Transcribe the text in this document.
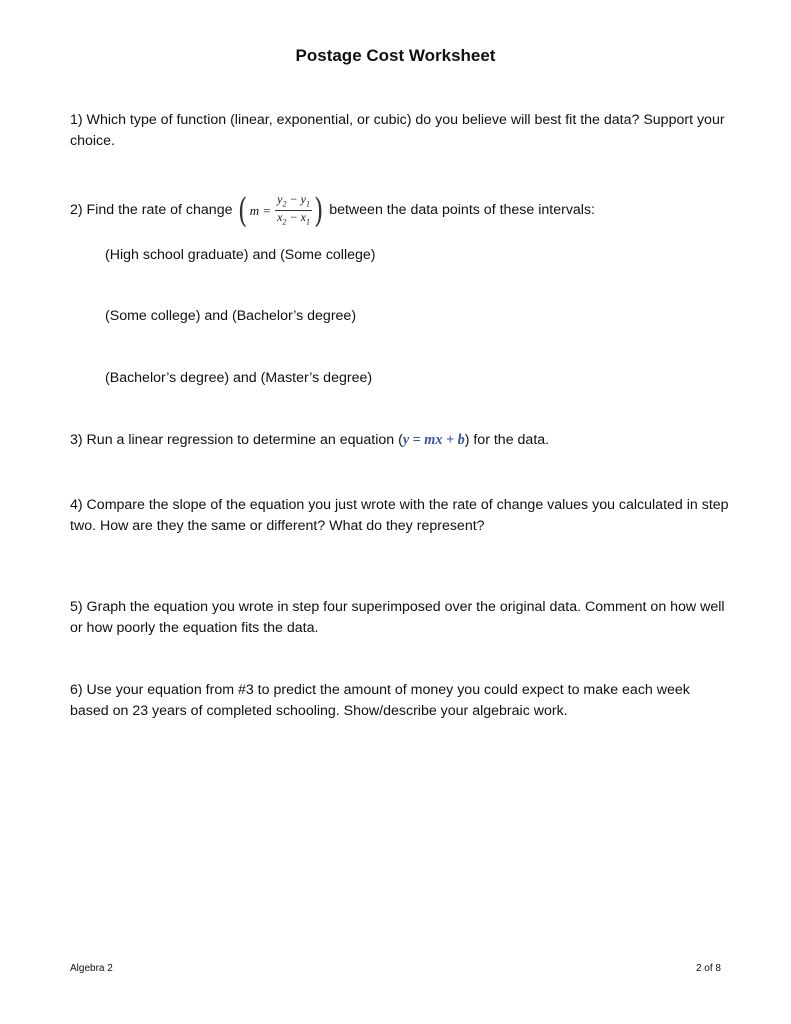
Postage Cost Worksheet
1) Which type of function (linear, exponential, or cubic) do you believe will best fit the data? Support your choice.
2) Find the rate of change ( $m = \frac{y_2 - y_1}{x_2 - x_1}$ ) between the data points of these intervals:
(High school graduate) and (Some college)
(Some college) and (Bachelor’s degree)
(Bachelor’s degree) and (Master’s degree)
3) Run a linear regression to determine an equation (y = mx + b) for the data.
4) Compare the slope of the equation you just wrote with the rate of change values you calculated in step two. How are they the same or different? What do they represent?
5) Graph the equation you wrote in step four superimposed over the original data. Comment on how well or how poorly the equation fits the data.
6) Use your equation from #3 to predict the amount of money you could expect to make each week based on 23 years of completed schooling. Show/describe your algebraic work.
Algebra 2	2 of 8
